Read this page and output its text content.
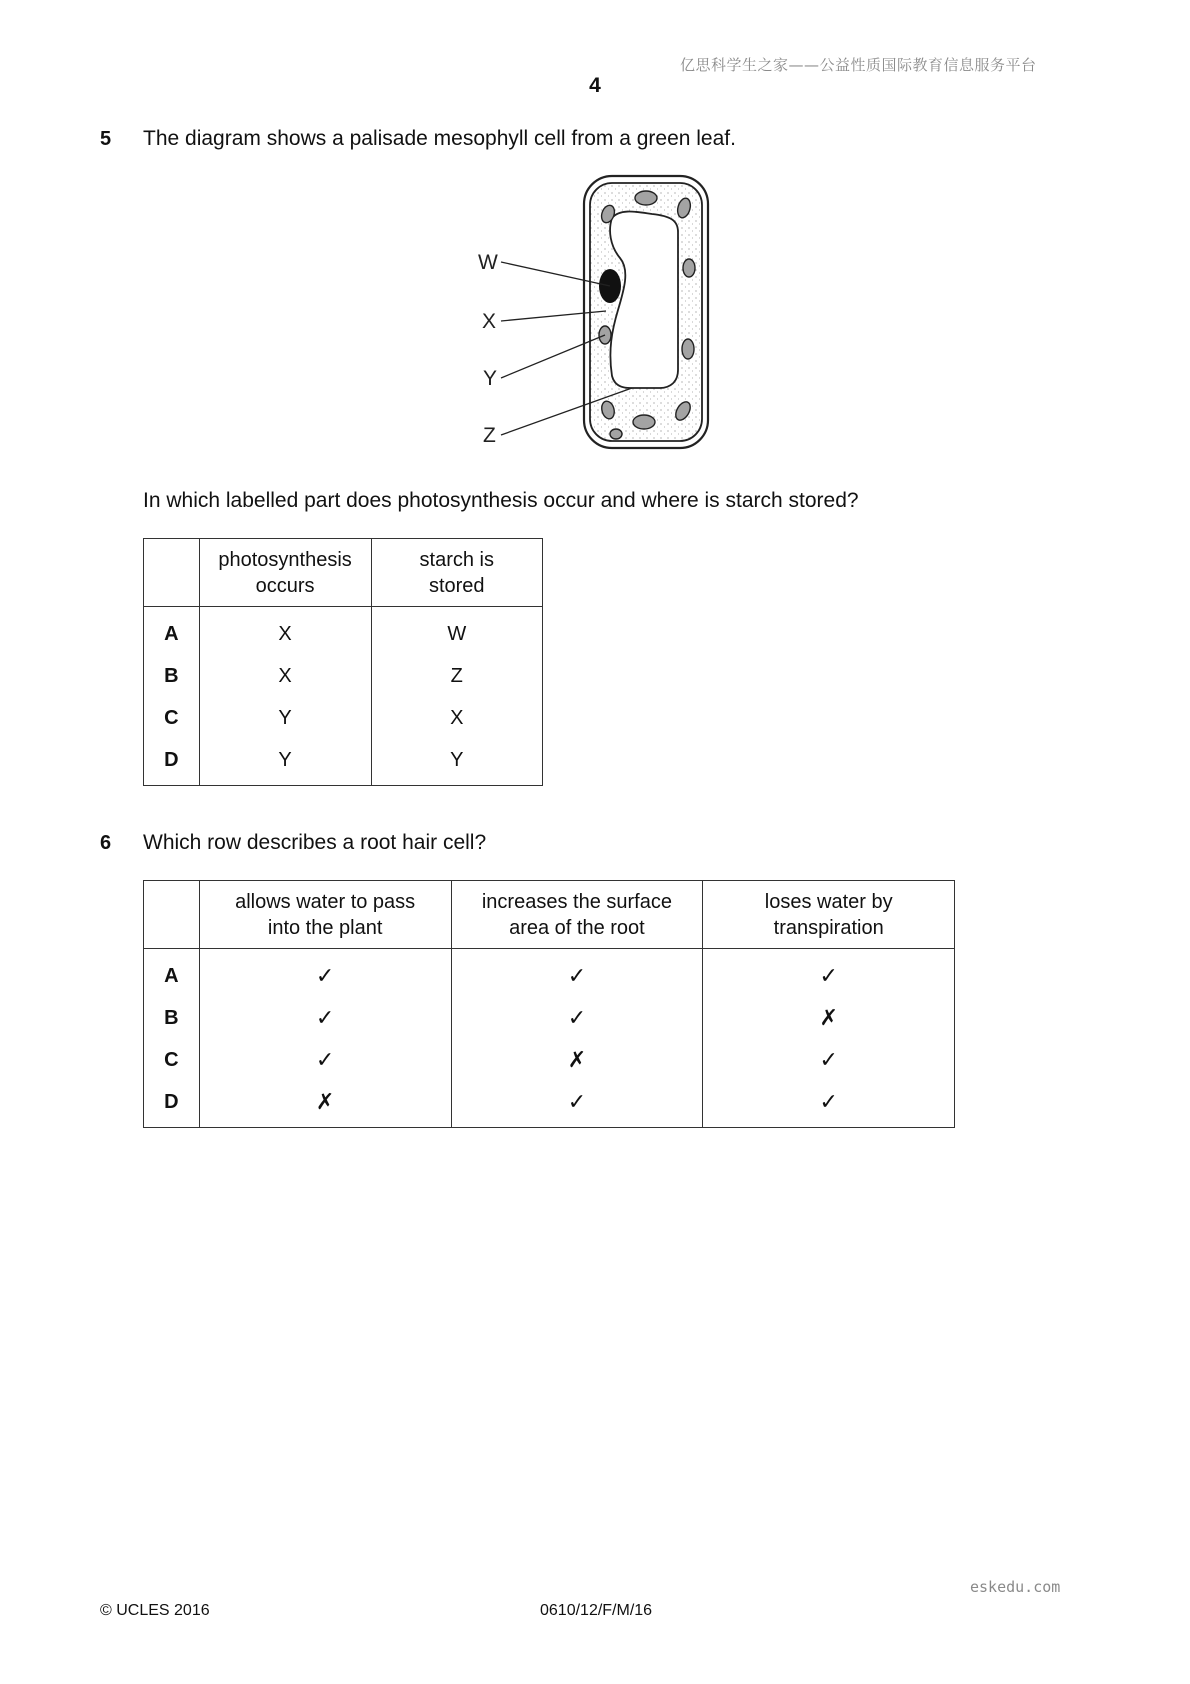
亿思科学生之家——公益性质国际教育信息服务平台
4
5 The diagram shows a palisade mesophyll cell from a green leaf.
W
X
Y
Z
In which labelled part does photosynthesis occur and where is starch stored?

	photosynthesis occurs	starch is stored

A	X	W
B	X	Z
C	Y	X
D	Y	Y
6 Which row describes a root hair cell?

	allows water to pass into the plant	increases the surface area of the root	loses water by transpiration

A	✓	✓	✓
B	✓	✓	✗
C	✓	✗	✓
D	✗	✓	✓
eskedu.com
© UCLES 2016	0610/12/F/M/16
